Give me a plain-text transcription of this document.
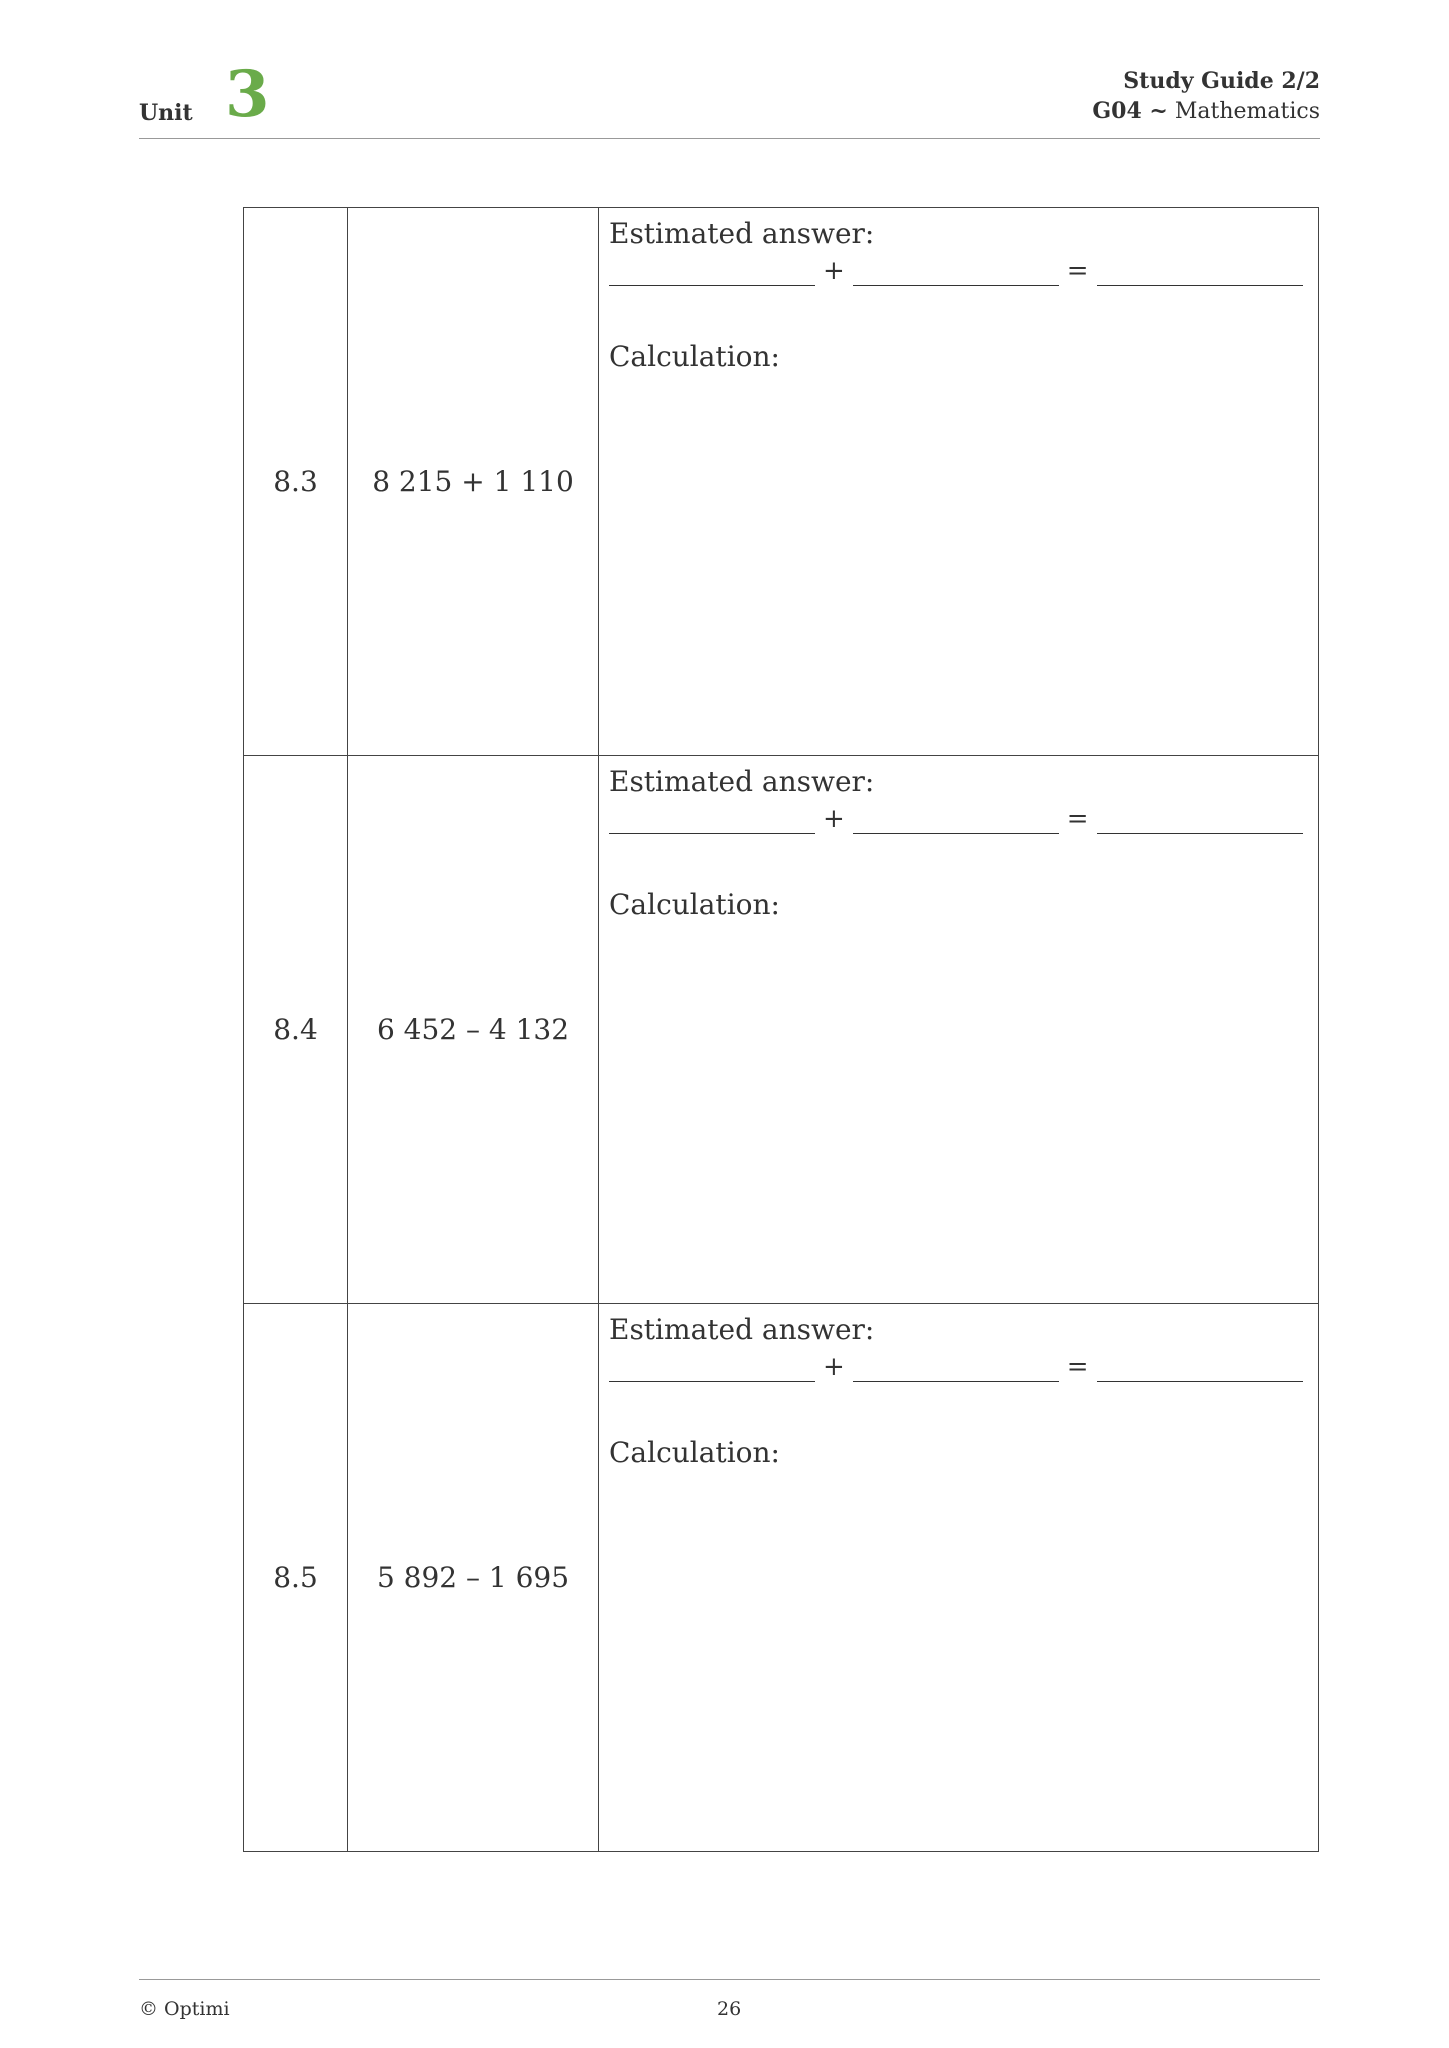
Unit 3	Study Guide 2/2
G04 ~ Mathematics
8.3	8 215 + 1 110	Estimated answer:
+ =
Calculation:

8.4	6 452 – 4 132	Estimated answer:
+ =
Calculation:

8.5	5 892 – 1 695	Estimated answer:
+ =
Calculation:
© Optimi	26
